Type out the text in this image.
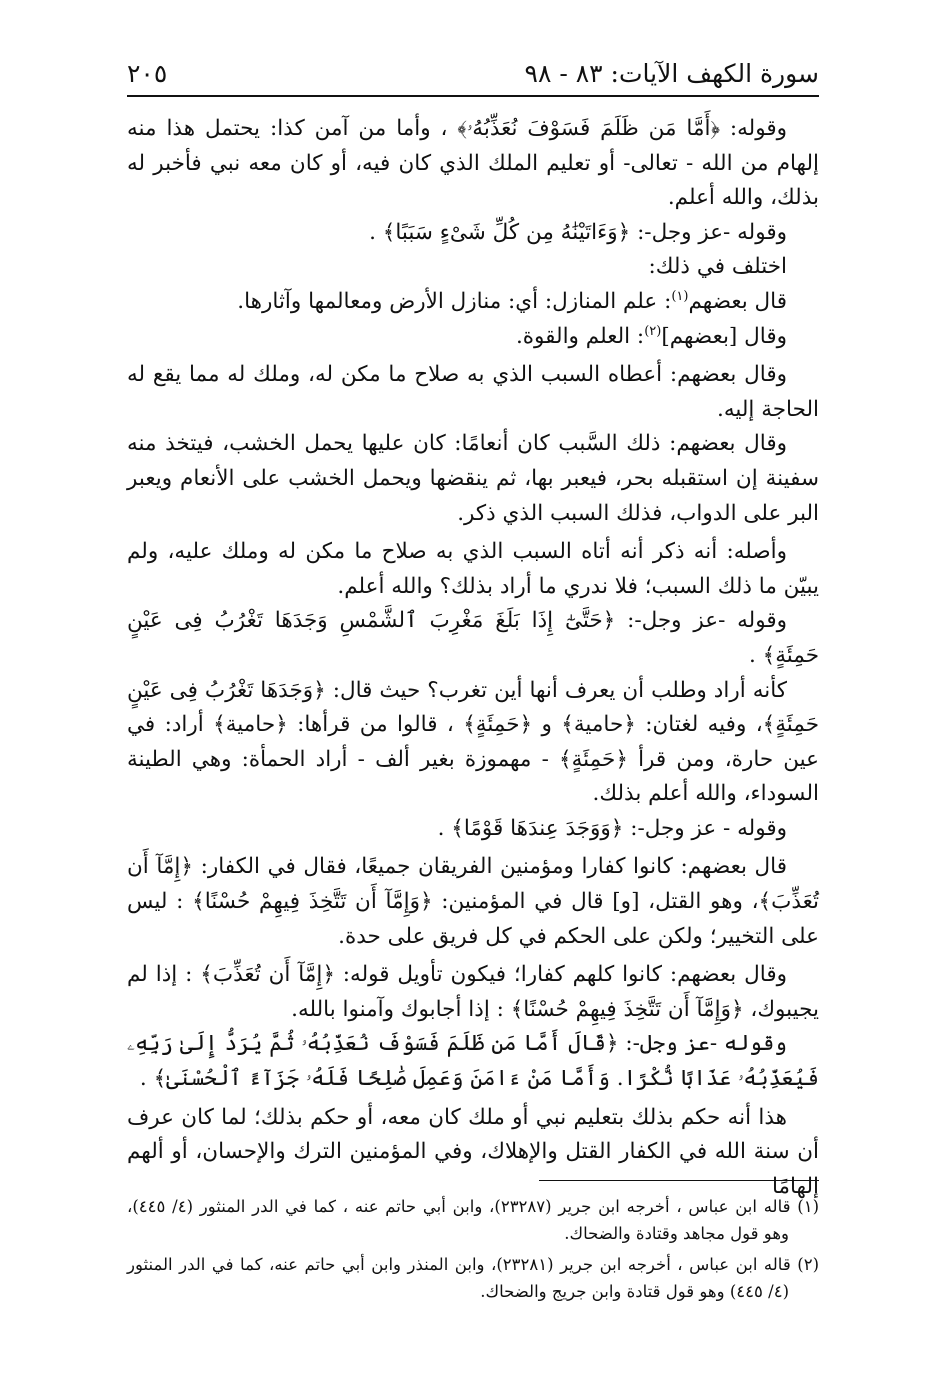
سورة الكهف الآيات: ٨٣ - ٩٨
٢٠٥

وقوله: ﴿أَمَّا مَن ظَلَمَ فَسَوْفَ نُعَذِّبُهُۥ﴾ ، وأما من آمن كذا: يحتمل هذا منه إلهام من الله - تعالى- أو تعليم الملك الذي كان فيه، أو كان معه نبي فأخبر له بذلك، والله أعلم.

وقوله -عز وجل-: ﴿وَءَاتَيْنَٰهُ مِن كُلِّ شَىْءٍ سَبَبًا﴾ .

اختلف في ذلك:

قال بعضهم$^{(١)}$: علم المنازل: أي: منازل الأرض ومعالمها وآثارها.

وقال [بعضهم]$^{(٢)}$: العلم والقوة.

وقال بعضهم: أعطاه السبب الذي به صلاح ما مكن له، وملك له مما يقع له الحاجة إليه.

وقال بعضهم: ذلك السَّبب كان أنعامًا: كان عليها يحمل الخشب، فيتخذ منه سفينة إن استقبله بحر، فيعبر بها، ثم ينقضها ويحمل الخشب على الأنعام ويعبر البر على الدواب، فذلك السبب الذي ذكر.

وأصله: أنه ذكر أنه أتاه السبب الذي به صلاح ما مكن له وملك عليه، ولم يبيّن ما ذلك السبب؛ فلا ندري ما أراد بذلك؟ والله أعلم.

وقوله -عز وجل-: ﴿حَتَّىٰٓ إِذَا بَلَغَ مَغْرِبَ ٱلشَّمْسِ وَجَدَهَا تَغْرُبُ فِى عَيْنٍ حَمِئَةٍ﴾ .

كأنه أراد وطلب أن يعرف أنها أين تغرب؟ حيث قال: ﴿وَجَدَهَا تَغْرُبُ فِى عَيْنٍ حَمِئَةٍ﴾، وفيه لغتان: ﴿حامية﴾ و ﴿حَمِئَةٍ﴾ ، قالوا من قرأها: ﴿حامية﴾ أراد: في عين حارة، ومن قرأ ﴿حَمِئَةٍ﴾ - مهموزة بغير ألف - أراد الحمأة: وهي الطينة السوداء، والله أعلم بذلك.

وقوله - عز وجل-: ﴿وَوَجَدَ عِندَهَا قَوْمًا﴾ .

قال بعضهم: كانوا كفارا ومؤمنين الفريقان جميعًا، فقال في الكفار: ﴿إِمَّآ أَن تُعَذِّبَ﴾، وهو القتل، [و] قال في المؤمنين: ﴿وَإِمَّآ أَن تَتَّخِذَ فِيهِمْ حُسْنًا﴾ : ليس على التخيير؛ ولكن على الحكم في كل فريق على حدة.

وقال بعضهم: كانوا كلهم كفارا؛ فيكون تأويل قوله: ﴿إِمَّآ أَن تُعَذِّبَ﴾ : إذا لم يجيبوك، ﴿وَإِمَّآ أَن تَتَّخِذَ فِيهِمْ حُسْنًا﴾ : إذا أجابوك وآمنوا بالله.

وقوله -عز وجل-: ﴿قَالَ أَمَّا مَن ظَلَمَ فَسَوْفَ نُعَذِّبُهُۥ ثُمَّ يُرَدُّ إِلَىٰ رَبِّهِۦ فَيُعَذِّبُهُۥ عَذَابًا نُّكْرًا. وَأَمَّا مَنْ ءَامَنَ وَعَمِلَ صَٰلِحًا فَلَهُۥ جَزَآءً ٱلْحُسْنَىٰ﴾ .

هذا أنه حكم بذلك بتعليم نبي أو ملك كان معه، أو حكم بذلك؛ لما كان عرف أن سنة الله في الكفار القتل والإهلاك، وفي المؤمنين الترك والإحسان، أو ألهم إلهامًا

(١) قاله ابن عباس ، أخرجه ابن جرير (٢٣٢٨٧)، وابن أبي حاتم عنه ، كما في الدر المنثور (٤/ ٤٤٥)، وهو قول مجاهد وقتادة والضحاك.

(٢) قاله ابن عباس ، أخرجه ابن جرير (٢٣٢٨١)، وابن المنذر وابن أبي حاتم عنه، كما في الدر المنثور (٤/ ٤٤٥) وهو قول قتادة وابن جريج والضحاك.
